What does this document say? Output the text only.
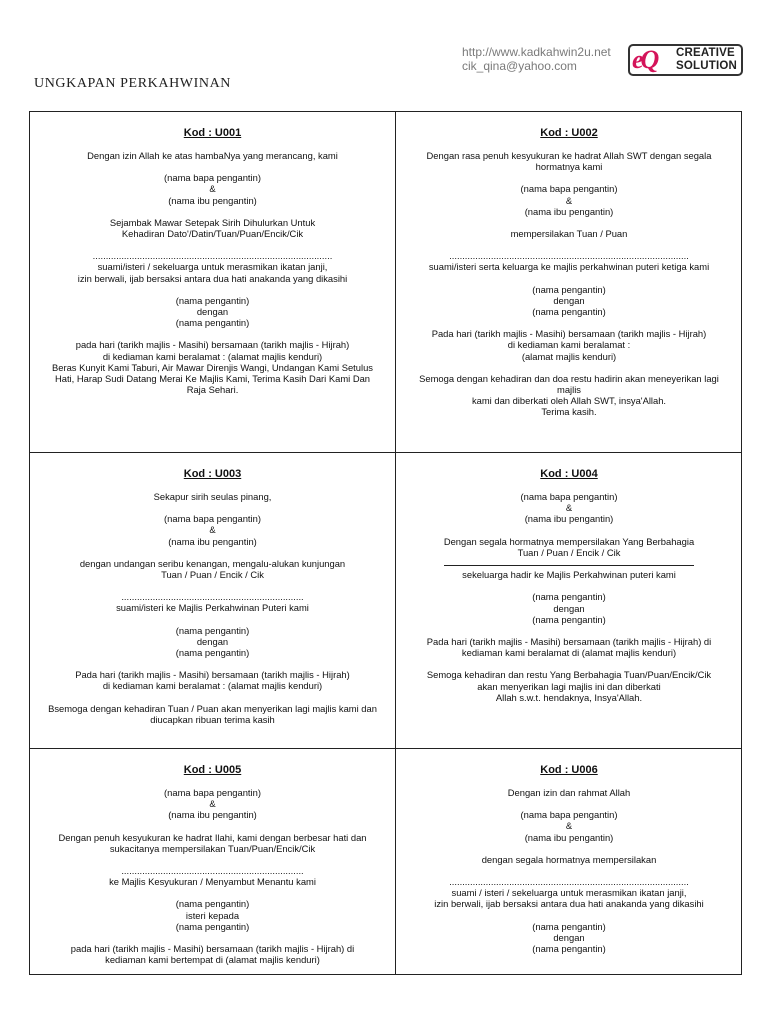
UNGKAPAN PERKAHWINAN
http://www.kadkahwin2u.net
cik_qina@yahoo.com	eQ	CREATIVE
SOLUTION
Kod : U001
Dengan izin Allah ke atas hambaNya yang merancang, kami
(nama bapa pengantin)
&
(nama ibu pengantin)
Sejambak Mawar Setepak Sirih Dihulurkan Untuk
Kehadiran Dato'/Datin/Tuan/Puan/Encik/Cik
............................................................................................
suami/isteri / sekeluarga untuk merasmikan ikatan janji,
izin berwali, ijab bersaksi antara dua hati anakanda yang dikasihi
(nama pengantin)
dengan
(nama pengantin)
pada hari (tarikh majlis - Masihi) bersamaan (tarikh majlis - Hijrah)
di kediaman kami beralamat : (alamat majlis kenduri)
Beras Kunyit Kami Taburi, Air Mawar Direnjis Wangi, Undangan Kami Setulus
Hati, Harap Sudi Datang Merai Ke Majlis Kami, Terima Kasih Dari Kami Dan
Raja Sehari.
Kod : U002
Dengan rasa penuh kesyukuran ke hadrat Allah SWT dengan segala
hormatnya kami
(nama bapa pengantin)
&
(nama ibu pengantin)
mempersilakan Tuan / Puan
............................................................................................
suami/isteri serta keluarga ke majlis perkahwinan puteri ketiga kami
(nama pengantin)
dengan
(nama pengantin)
Pada hari (tarikh majlis - Masihi) bersamaan (tarikh majlis - Hijrah)
di kediaman kami beralamat :
(alamat majlis kenduri)
Semoga dengan kehadiran dan doa restu hadirin akan meneyerikan lagi
majlis
kami dan diberkati oleh Allah SWT, insya'Allah.
Terima kasih.
Kod : U003
Sekapur sirih seulas pinang,
(nama bapa pengantin)
&
(nama ibu pengantin)
dengan undangan seribu kenangan, mengalu-alukan kunjungan
Tuan / Puan / Encik / Cik
......................................................................
suami/isteri ke Majlis Perkahwinan Puteri kami
(nama pengantin)
dengan
(nama pengantin)
Pada hari (tarikh majlis - Masihi) bersamaan (tarikh majlis - Hijrah)
di kediaman kami beralamat : (alamat majlis kenduri)
Bsemoga dengan kehadiran Tuan / Puan akan menyerikan lagi majlis kami dan
diucapkan ribuan terima kasih
Kod : U004
(nama bapa pengantin)
&
(nama ibu pengantin)
Dengan segala hormatnya mempersilakan Yang Berbahagia
Tuan / Puan / Encik / Cik
sekeluarga hadir ke Majlis Perkahwinan puteri kami
(nama pengantin)
dengan
(nama pengantin)
Pada hari (tarikh majlis - Masihi) bersamaan (tarikh majlis - Hijrah) di
kediaman kami beralamat di (alamat majlis kenduri)
Semoga kehadiran dan restu Yang Berbahagia Tuan/Puan/Encik/Cik
akan menyerikan lagi majlis ini dan diberkati
Allah s.w.t. hendaknya, Insya'Allah.
Kod : U005
(nama bapa pengantin)
&
(nama ibu pengantin)
Dengan penuh kesyukuran ke hadrat Ilahi, kami dengan berbesar hati dan
sukacitanya mempersilakan Tuan/Puan/Encik/Cik
......................................................................
ke Majlis Kesyukuran / Menyambut Menantu kami
(nama pengantin)
isteri kepada
(nama pengantin)
pada hari (tarikh majlis - Masihi) bersamaan (tarikh majlis - Hijrah) di
kediaman kami bertempat di (alamat majlis kenduri)
Kod : U006
Dengan izin dan rahmat Allah
(nama bapa pengantin)
&
(nama ibu pengantin)
dengan segala hormatnya mempersilakan
............................................................................................
suami / isteri / sekeluarga untuk merasmikan ikatan janji,
izin berwali, ijab bersaksi antara dua hati anakanda yang dikasihi
(nama pengantin)
dengan
(nama pengantin)
